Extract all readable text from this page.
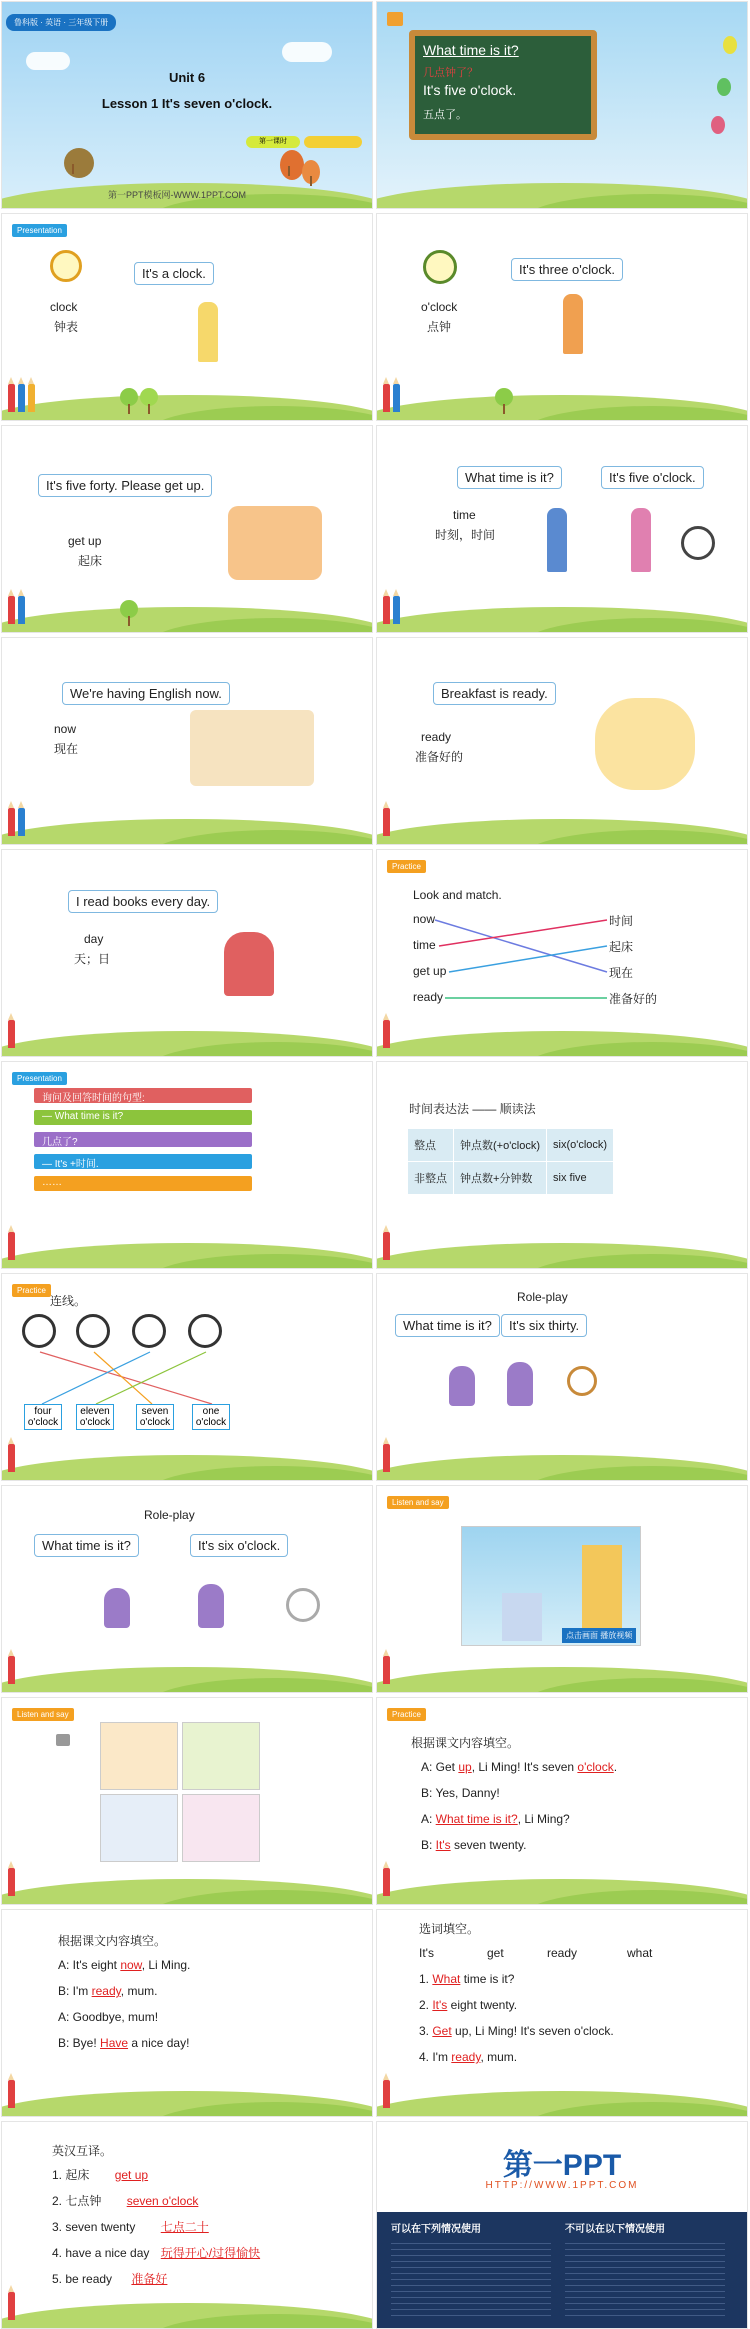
鲁科版 · 英语 · 三年级下册
Unit 6
Lesson 1 It's seven o'clock.
第一课时
第一PPT模板网-WWW.1PPT.COM
What time is it?
几点钟了？
It's five o'clock.
五点了。
Presentation
It's a clock.
clock
钟表
It's three o'clock.
o'clock
点钟
It's five forty. Please get up.
get up
起床
What time is it?	It's five o'clock.
time
时刻，时间
We're having English now.
now
现在
Breakfast is ready.
ready
准备好的
I read books every day.
day
天；日
Practice
Look and match.
now
time
get up
ready
时间
起床
现在
准备好的
Presentation
询问及回答时间的句型:
— What time is it?
几点了?
— It's +时间.
……
时间表达法 —— 顺读法
整点	钟点数(+o'clock)	six(o'clock)
非整点	钟点数+分钟数	six five
Practice
连线。
four o'clock
eleven o'clock
seven o'clock
one o'clock
Role-play
What time is it?	It's six thirty.
Role-play
What time is it?	It's six o'clock.
Listen and say
点击画面 播放视频
Listen and say	Practice
根据课文内容填空。
A: Get up, Li Ming! It's seven o'clock.
B: Yes, Danny!
A: What time is it?, Li Ming?
B: It's seven twenty.
根据课文内容填空。
A: It's eight now, Li Ming.
B: I'm ready, mum.
A: Goodbye, mum!
B: Bye! Have a nice day!
选词填空。
It's	get	ready	what
1. What time is it?
2. It's eight twenty.
3. Get up, Li Ming! It's seven o'clock.
4. I'm ready, mum.
英汉互译。
1. 起床 get up
2. 七点钟 seven o'clock
3. seven twenty 七点二十
4. have a nice day 玩得开心/过得愉快
5. be ready 准备好
第一PPT
HTTP://WWW.1PPT.COM
可以在下列情况使用	不可以在以下情况使用
